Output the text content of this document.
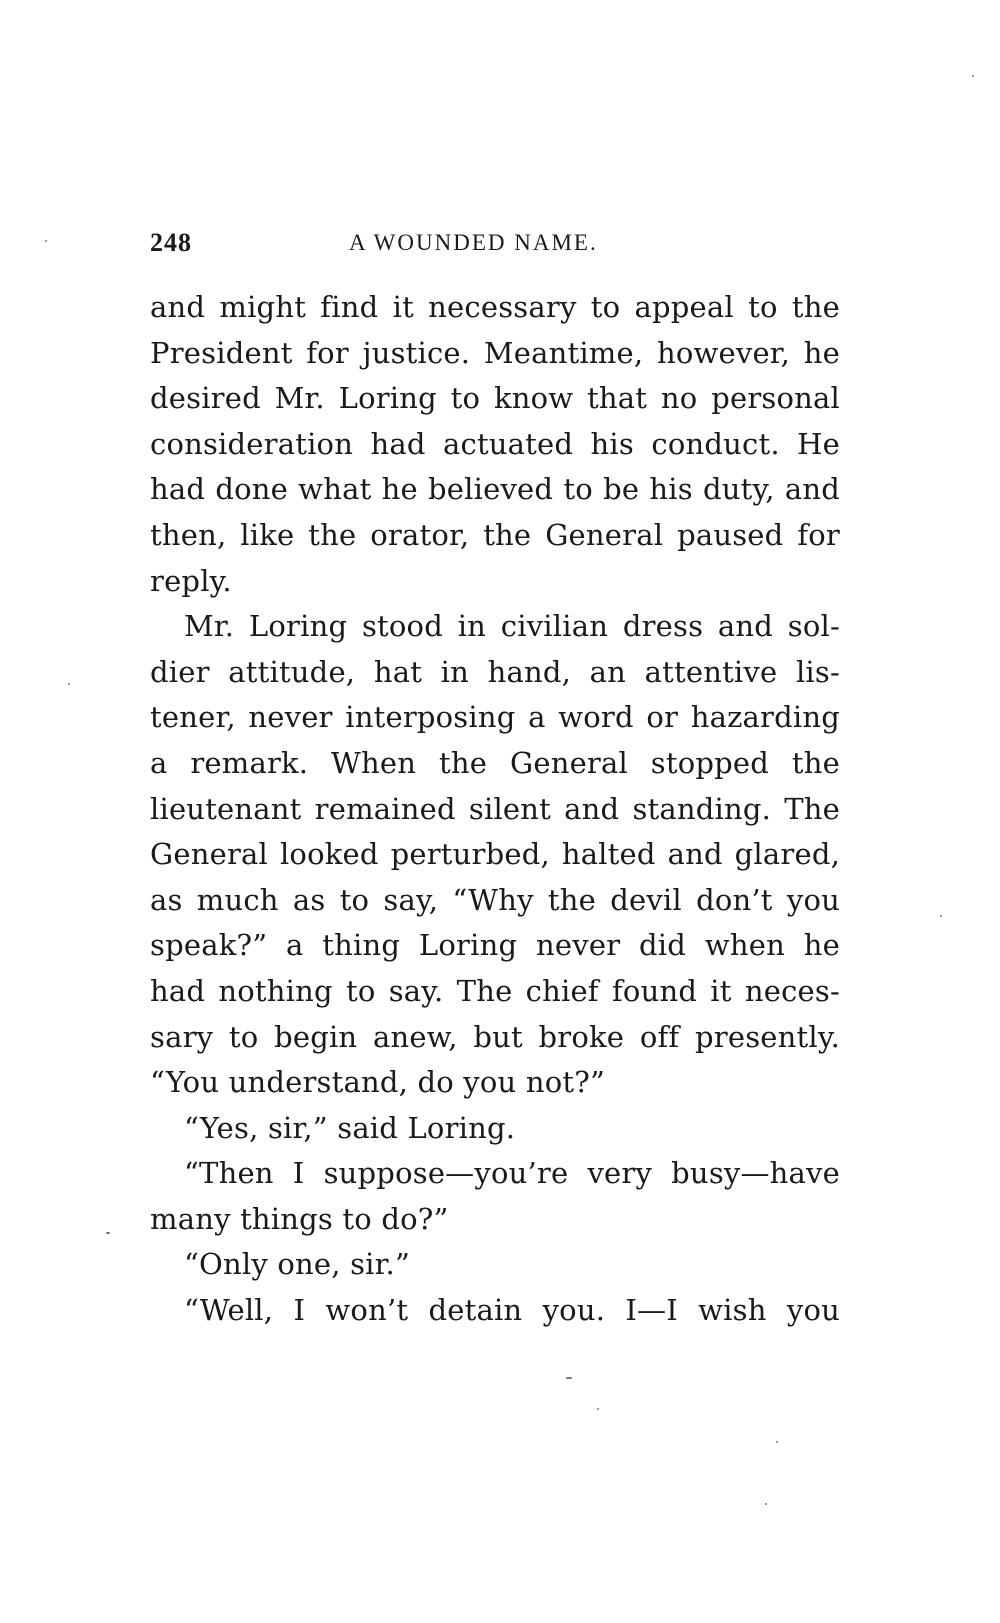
248	A WOUNDED NAME.
and might find it necessary to appeal to the
President for justice. Meantime, however, he
desired Mr. Loring to know that no personal
consideration had actuated his conduct. He
had done what he believed to be his duty, and
then, like the orator, the General paused for
reply.
Mr. Loring stood in civilian dress and sol-
dier attitude, hat in hand, an attentive lis-
tener, never interposing a word or hazarding
a remark. When the General stopped the
lieutenant remained silent and standing. The
General looked perturbed, halted and glared,
as much as to say, “Why the devil don’t you
speak?” a thing Loring never did when he
had nothing to say. The chief found it neces-
sary to begin anew, but broke off presently.
“You understand, do you not?”
“Yes, sir,” said Loring.
“Then I suppose—you’re very busy—have
many things to do?”
“Only one, sir.”
“Well, I won’t detain you. I—I wish you
